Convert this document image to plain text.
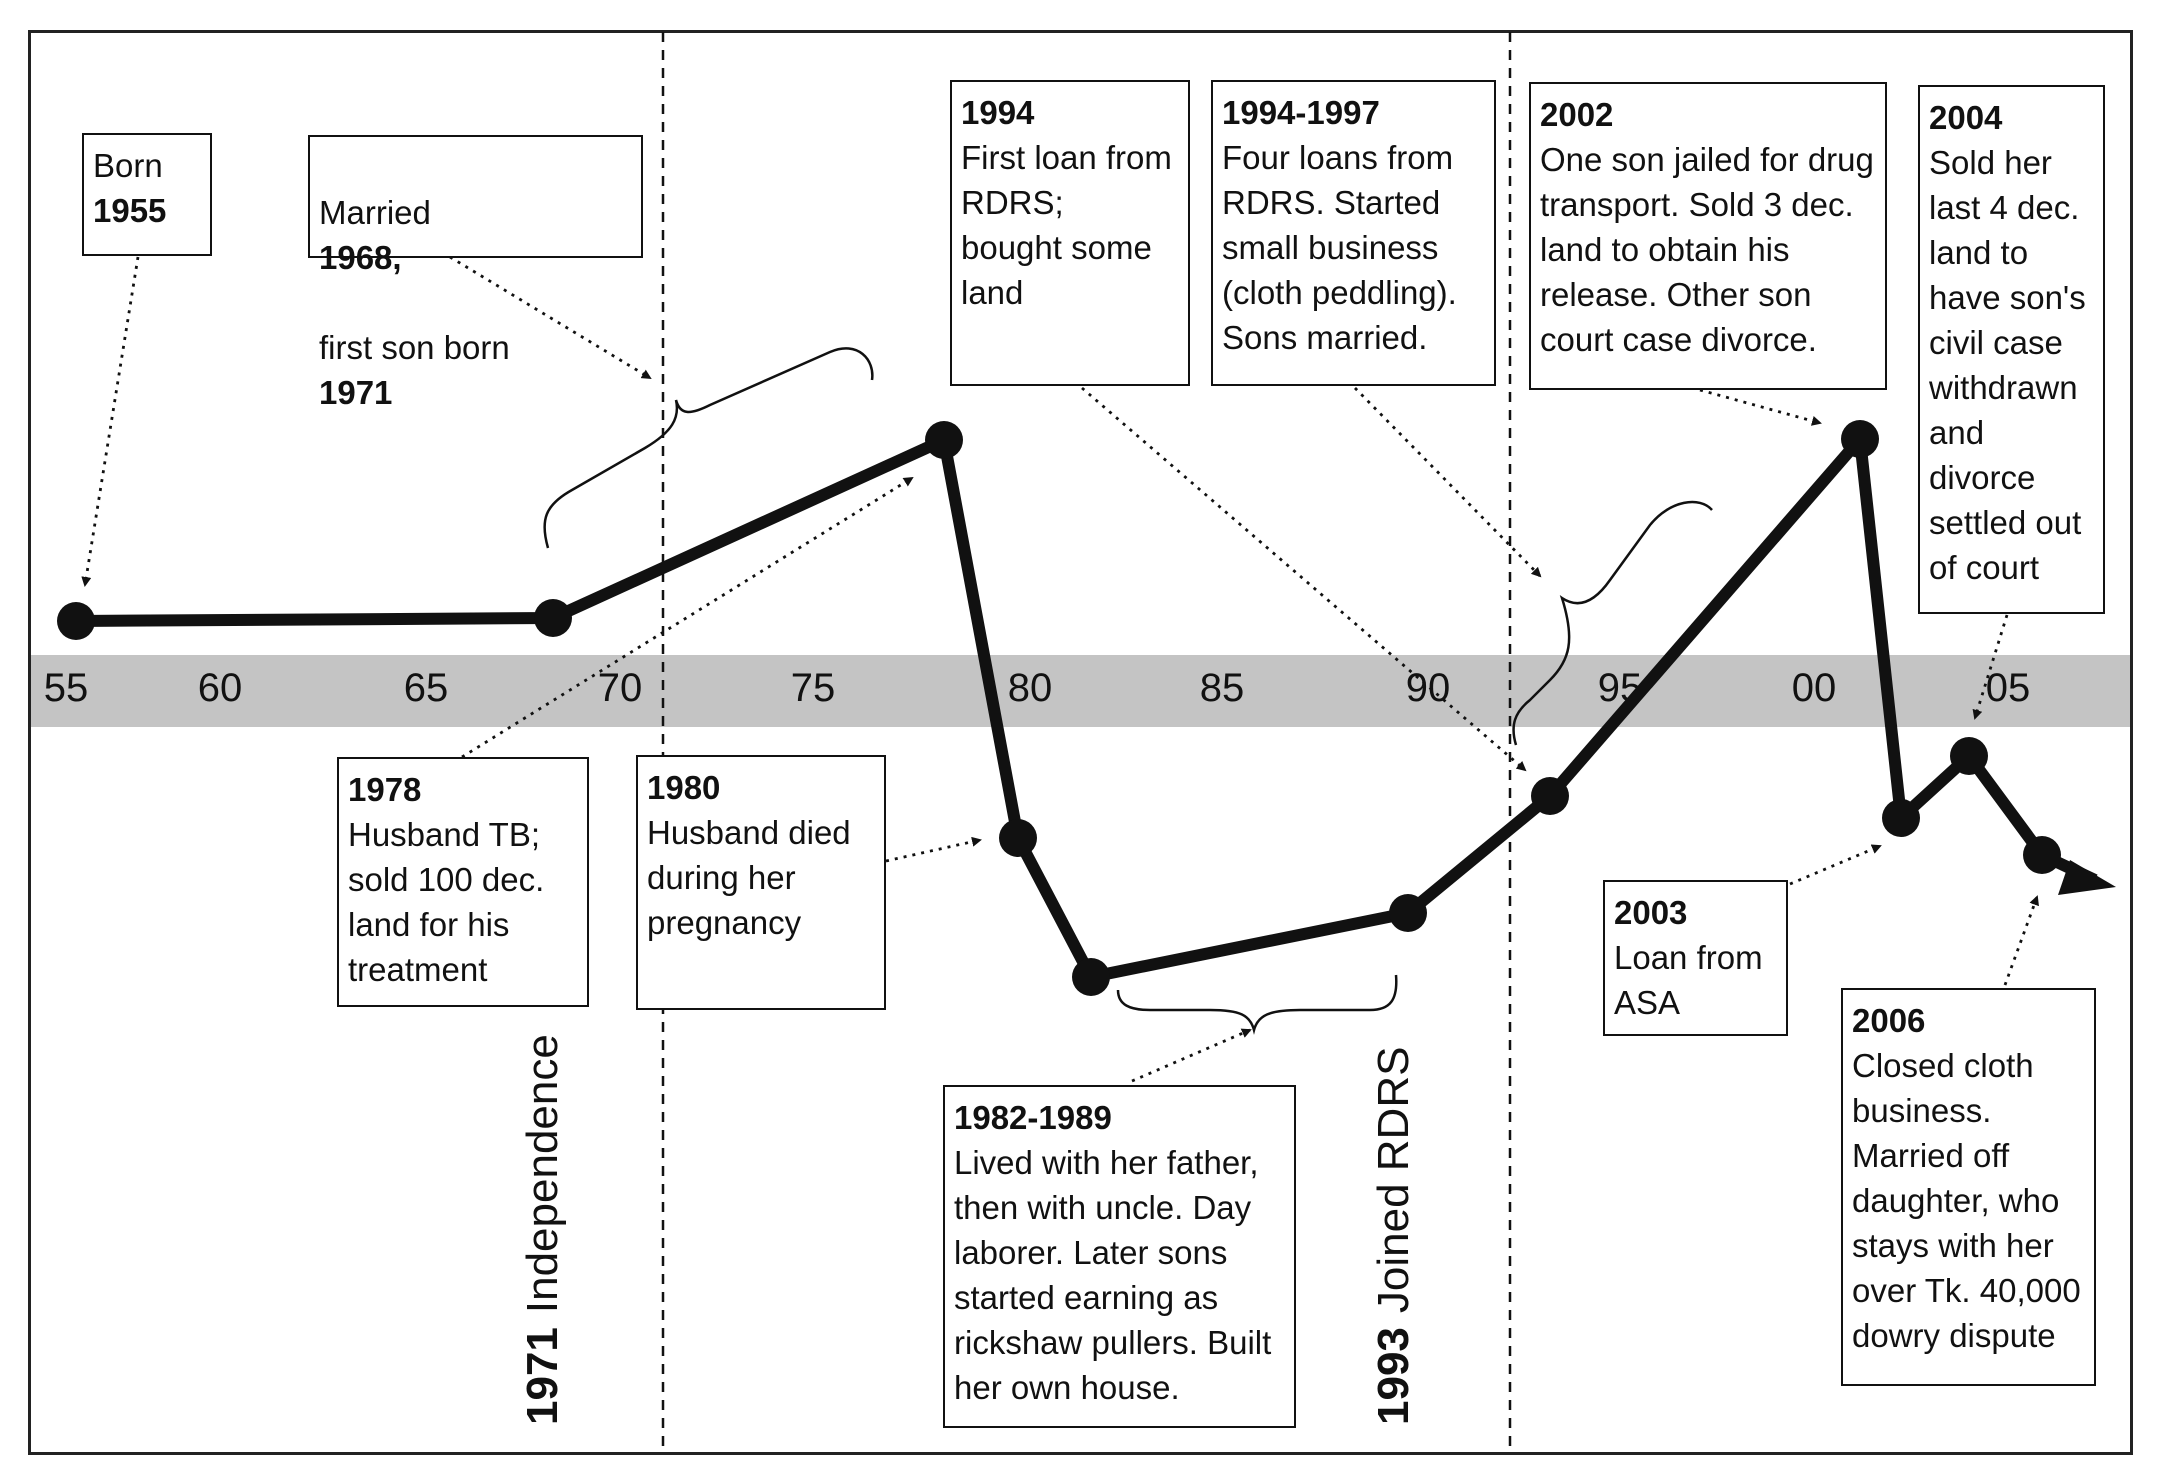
55	60	65	70	75	80	85	90	95	00	05
Born
1955	Married
1968,

first son born
1971

1994
First loan from
RDRS;
bought some
land
1994-1997
Four loans from
RDRS. Started
small business
(cloth peddling).
Sons married.
2002
One son jailed for drug
transport. Sold 3 dec.
land to obtain his
release. Other son
court case divorce.
2004
Sold her
last 4 dec.
land to
have son's
civil case
withdrawn
and divorce
settled out
of court
1978
Husband TB;
sold 100 dec.
land for his
treatment
1980
Husband died
during her
pregnancy
1982-1989
Lived with her father,
then with uncle. Day
laborer. Later sons
started earning as
rickshaw pullers. Built
her own house.
2003
Loan from
ASA	2006
Closed cloth
business.
Married off
daughter, who
stays with her
over Tk. 40,000
dowry dispute
1971Independence
1993Joined RDRS
